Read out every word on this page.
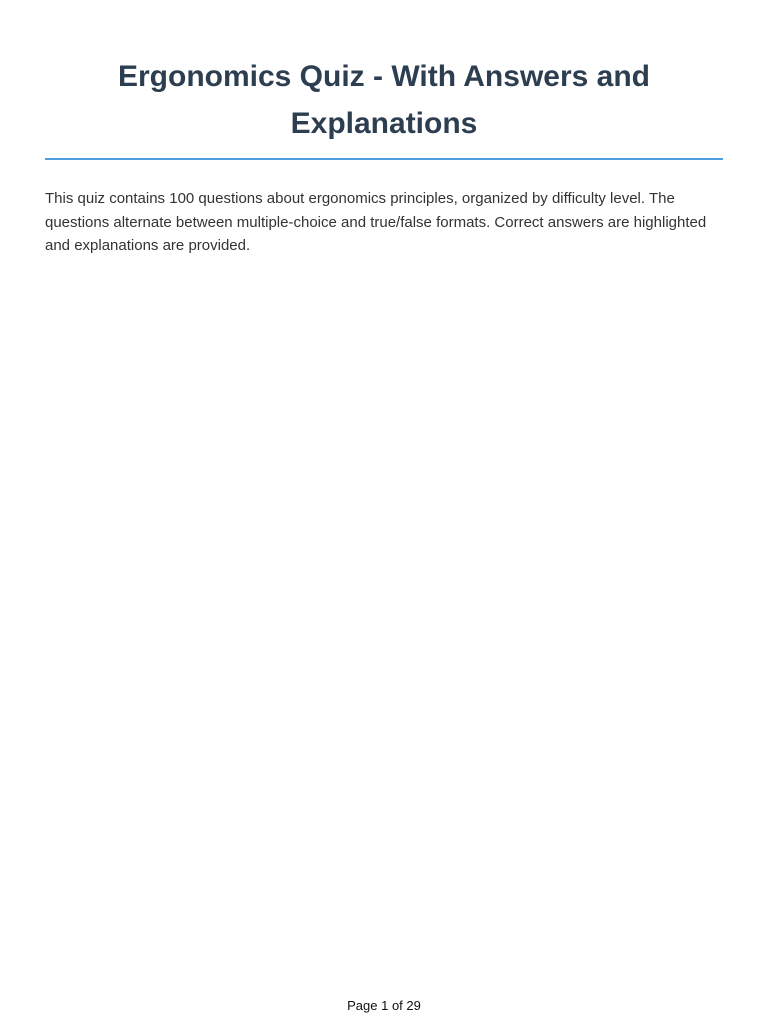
Ergonomics Quiz - With Answers and Explanations

This quiz contains 100 questions about ergonomics principles, organized by difficulty level. The questions alternate between multiple-choice and true/false formats. Correct answers are highlighted and explanations are provided.

Page 1 of 29
